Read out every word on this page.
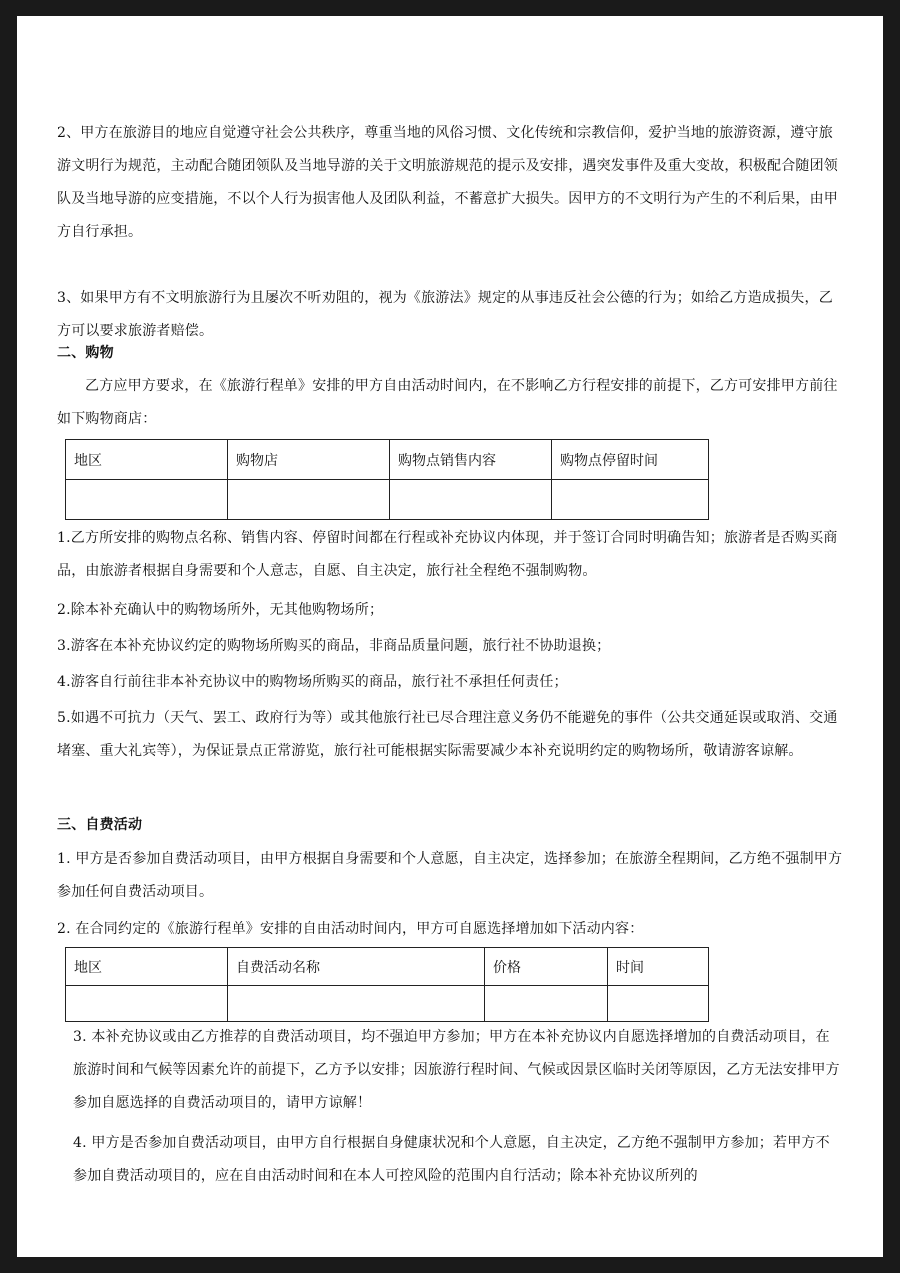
2、甲方在旅游目的地应自觉遵守社会公共秩序，尊重当地的风俗习惯、文化传统和宗教信仰，爱护当地的旅游资源，遵守旅游文明行为规范，主动配合随团领队及当地导游的关于文明旅游规范的提示及安排，遇突发事件及重大变故，积极配合随团领队及当地导游的应变措施，不以个人行为损害他人及团队利益，不蓄意扩大损失。因甲方的不文明行为产生的不利后果，由甲方自行承担。

3、如果甲方有不文明旅游行为且屡次不听劝阻的，视为《旅游法》规定的从事违反社会公德的行为；如给乙方造成损失，乙方可以要求旅游者赔偿。

二、购物

乙方应甲方要求，在《旅游行程单》安排的甲方自由活动时间内，在不影响乙方行程安排的前提下，乙方可安排甲方前往如下购物商店：

地区	购物店	购物点销售内容	购物点停留时间

1.乙方所安排的购物点名称、销售内容、停留时间都在行程或补充协议内体现，并于签订合同时明确告知；旅游者是否购买商品，由旅游者根据自身需要和个人意志，自愿、自主决定，旅行社全程绝不强制购物。

2.除本补充确认中的购物场所外，无其他购物场所；

3.游客在本补充协议约定的购物场所购买的商品，非商品质量问题，旅行社不协助退换；

4.游客自行前往非本补充协议中的购物场所购买的商品，旅行社不承担任何责任；

5.如遇不可抗力（天气、罢工、政府行为等）或其他旅行社已尽合理注意义务仍不能避免的事件（公共交通延误或取消、交通堵塞、重大礼宾等），为保证景点正常游览，旅行社可能根据实际需要减少本补充说明约定的购物场所，敬请游客谅解。

三、自费活动

1. 甲方是否参加自费活动项目，由甲方根据自身需要和个人意愿，自主决定，选择参加；在旅游全程期间，乙方绝不强制甲方参加任何自费活动项目。

2. 在合同约定的《旅游行程单》安排的自由活动时间内，甲方可自愿选择增加如下活动内容：

地区	自费活动名称	价格	时间

3. 本补充协议或由乙方推荐的自费活动项目，均不强迫甲方参加；甲方在本补充协议内自愿选择增加的自费活动项目，在旅游时间和气候等因素允许的前提下，乙方予以安排；因旅游行程时间、气候或因景区临时关闭等原因，乙方无法安排甲方参加自愿选择的自费活动项目的，请甲方谅解！

4. 甲方是否参加自费活动项目，由甲方自行根据自身健康状况和个人意愿，自主决定，乙方绝不强制甲方参加；若甲方不参加自费活动项目的，应在自由活动时间和在本人可控风险的范围内自行活动；除本补充协议所列的
